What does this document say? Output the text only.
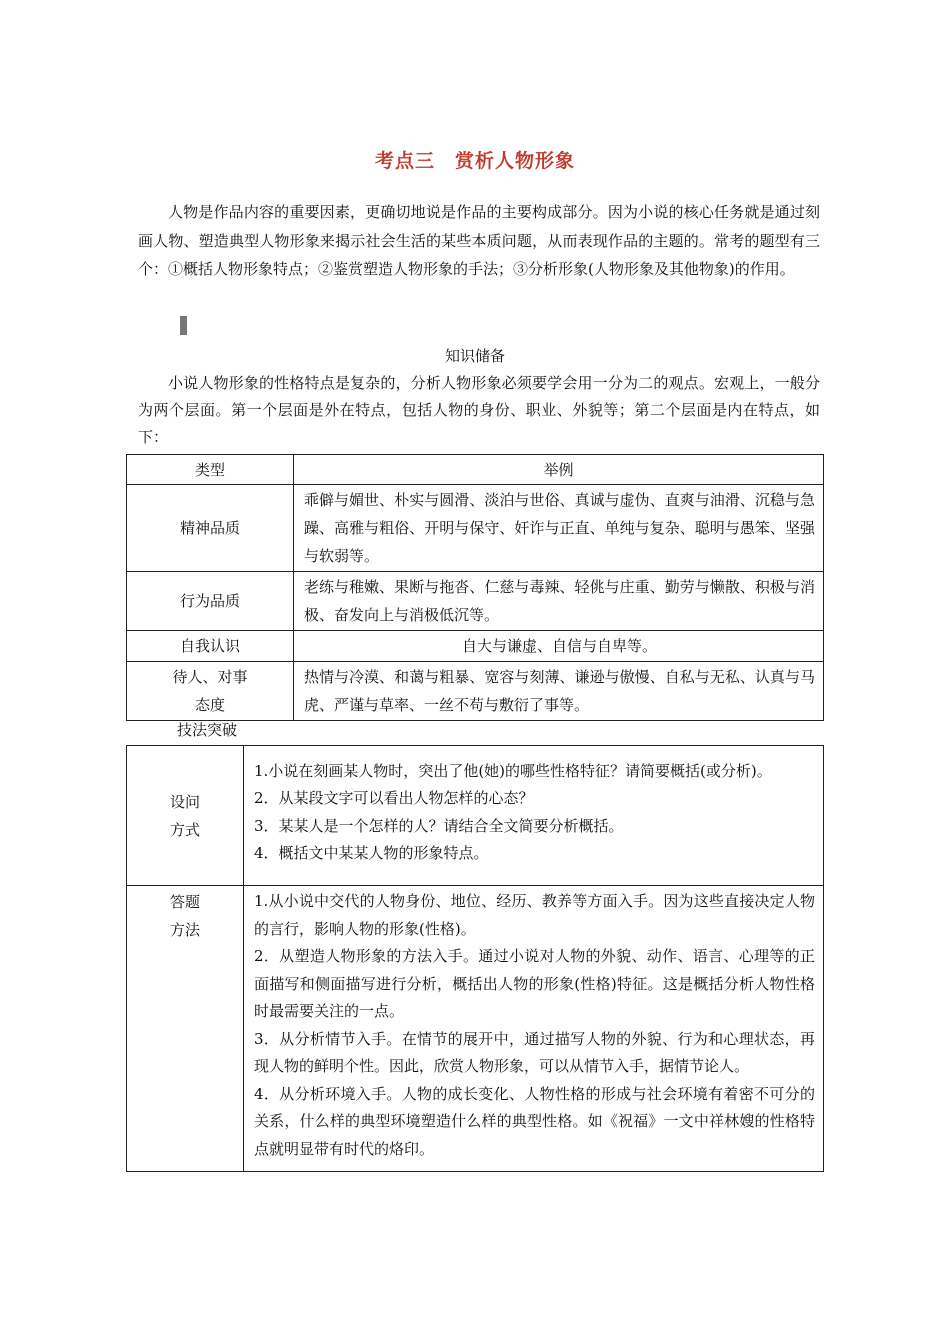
考点三　赏析人物形象

人物是作品内容的重要因素，更确切地说是作品的主要构成部分。因为小说的核心任务就是通过刻画人物、塑造典型人物形象来揭示社会生活的某些本质问题，从而表现作品的主题的。常考的题型有三个：①概括人物形象特点；②鉴赏塑造人物形象的手法；③分析形象(人物形象及其他物象)的作用。

知识储备

小说人物形象的性格特点是复杂的，分析人物形象必须要学会用一分为二的观点。宏观上，一般分为两个层面。第一个层面是外在特点，包括人物的身份、职业、外貌等；第二个层面是内在特点，如下：

类型	举例
精神品质	乖僻与媚世、朴实与圆滑、淡泊与世俗、真诚与虚伪、直爽与油滑、沉稳与急躁、高雅与粗俗、开明与保守、奸诈与正直、单纯与复杂、聪明与愚笨、坚强与软弱等。
行为品质	老练与稚嫩、果断与拖沓、仁慈与毒辣、轻佻与庄重、勤劳与懒散、积极与消极、奋发向上与消极低沉等。
自我认识	自大与谦虚、自信与自卑等。
待人、对事态度	热情与冷漠、和蔼与粗暴、宽容与刻薄、谦逊与傲慢、自私与无私、认真与马虎、严谨与草率、一丝不苟与敷衍了事等。
技法突破
设问方式	1.小说在刻画某人物时，突出了他(她)的哪些性格特征？请简要概括(或分析)。

2．从某段文字可以看出人物怎样的心态？

3．某某人是一个怎样的人？请结合全文简要分析概括。

4．概括文中某某人物的形象特点。

答题方法	1.从小说中交代的人物身份、地位、经历、教养等方面入手。因为这些直接决定人物的言行，影响人物的形象(性格)。

2．从塑造人物形象的方法入手。通过小说对人物的外貌、动作、语言、心理等的正面描写和侧面描写进行分析，概括出人物的形象(性格)特征。这是概括分析人物性格时最需要关注的一点。

3．从分析情节入手。在情节的展开中，通过描写人物的外貌、行为和心理状态，再现人物的鲜明个性。因此，欣赏人物形象，可以从情节入手，据情节论人。

4．从分析环境入手。人物的成长变化、人物性格的形成与社会环境有着密不可分的关系，什么样的典型环境塑造什么样的典型性格。如《祝福》一文中祥林嫂的性格特点就明显带有时代的烙印。
